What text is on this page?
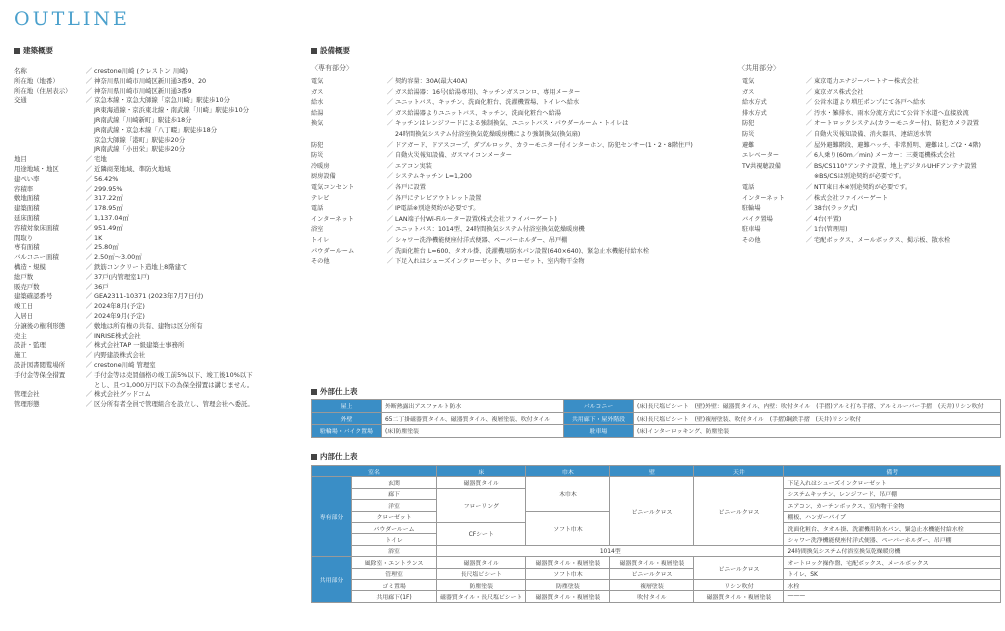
OUTLINE
建築概要
名称	／ crestone川崎 (クレストン 川崎)
所在地（地番）	／ 神奈川県川崎市川崎区新川通3番9、20
所在地（住居表示）	／ 神奈川県川崎市川崎区新川通3番9
交通	／ 京急本線・京急大師線「京急川崎」駅徒歩10分
JR東海道線・京浜東北線・南武線「川崎」駅徒歩10分
JR南武線「川崎新町」駅徒歩18分
JR南武線・京急本線「八丁畷」駅徒歩18分
京急大師線「港町」駅徒歩20分
JR南武線「小田栄」駅徒歩20分
地目	／ 宅地
用途地域・地区	／ 近隣商業地域、準防火地域
建ぺい率	／ 56.42%
容積率	／ 299.95%
敷地面積	／ 317.22㎡
建築面積	／ 178.95㎡
延床面積	／ 1,137.04㎡
容積対象床面積	／ 951.49㎡
間取り	／ 1K
専有面積	／ 25.80㎡
バルコニー面積	／ 2.50㎡〜3.00㎡
構造・規模	／ 鉄筋コンクリート造地上8階建て
総戸数	／ 37戸(内管理室1戸)
販売戸数	／ 36戸
建築確認番号	／ GEA2311-10371 (2023年7月7日付)
竣工日	／ 2024年8月(予定)
入居日	／ 2024年9月(予定)
分譲後の権利形態	／ 敷地は所有権の共有、建物は区分所有
売主	／ INRISE株式会社
設計・監理	／ 株式会社TAP 一級建築士事務所
施工	／ 内野建設株式会社
設計図書閲覧場所	／ crestone川崎 管理室
手付金等保全措置	／ 手付金等は売買価格の竣工前5%以下、竣工後10%以下
とし、且つ1,000万円以下の為保全措置は講じません。
管理会社	／ 株式会社グッドコム
管理形態	／ 区分所有者全員で管理組合を設立し、管理会社へ委託。
設備概要
〈専有部分〉
電気	／ 契約容量：30A(最大40A)
ガス	／ ガス給湯器：16号(給湯専用)、キッチンガスコンロ、専用メーター
給水	／ ユニットバス、キッチン、洗面化粧台、洗濯機置場、トイレへ給水
給湯	／ ガス給湯器よりユニットバス、キッチン、洗面化粧台へ給湯
換気	／ キッチンはレンジフードによる強制換気、ユニットバス・パウダールーム・トイレは
24時間換気システム付浴室換気乾燥暖房機により強制換気(換気扇)
防犯	／ ドアガード、ドアスコープ、ダブルロック、カラーモニター付インターホン、防犯センサー(1・2・8階住戸)
防災	／ 自動火災報知設備、ガスマイコンメーター
冷暖房	／ エアコン実装
厨房設備	／ システムキッチン L=1,200
電気コンセント	／ 各戸に設置
テレビ	／ 各戸にテレビアウトレット設置
電話	／ IP電話※別途契約が必要です。
インターネット	／ LAN端子付Wi-Fiルーター設置(株式会社ファイバーゲート)
浴室	／ ユニットバス：1014型、24時間換気システム付浴室換気乾燥暖房機
トイレ	／ シャワー洗浄機能便座付洋式便器、ペーパーホルダー、吊戸棚
パウダールーム	／ 洗面化粧台 L=600、タオル掛、洗濯機用防水パン設置(640×640)、緊急止水機能付給水栓
その他	／ 下足入れはシューズインクローゼット、クローゼット、室内物干金物
〈共用部分〉
電気	／ 東京電力エナジーパートナー株式会社
ガス	／ 東京ガス株式会社
給水方式	／ 公営水道より増圧ポンプにて各戸へ給水
排水方式	／ 汚水・雑排水、雨水分流方式にて公営下水道へ直接放流
防犯	／ オートロックシステム(カラーモニター付)、防犯カメラ設置
防災	／ 自動火災報知設備、消火器具、連結送水管
避難	／ 屋外避難階段、避難ハッチ、非常照明、避難はしご(2・4階)
エレベーター	／ 6人乗り(60m／min) メーカー：三菱電機株式会社
TV共視聴設備	／ BS/CS110°アンテナ設置、地上デジタルUHFアンテナ設置
※BS/CSは別途契約が必要です。
電話	／ NTT東日本※別途契約が必要です。
インターネット	／ 株式会社ファイバーゲート
駐輪場	／ 38台(ラック式)
バイク置場	／ 4台(平置)
駐車場	／ 1台(管理用)
その他	／ 宅配ボックス、メールボックス、掲示板、散水栓
外部仕上表
屋上	外断熱露出アスファルト防水	バルコニー	(床)長尺塩ビシート　(壁)外壁：磁器質タイル、内壁：吹付タイル　(手摺)アルミ打ち手摺、アルミルーバー手摺　(天井)リシン吹付
外壁	65二丁掛磁器質タイル、磁器質タイル、複層塗装、吹付タイル	共用廊下・屋外階段	(床)長尺塩ビシート　(壁)複層塗装、吹付タイル　(手摺)鋼鉄手摺　(天井)リシン吹付
駐輪場・バイク置場	(床)防塵塗装	駐車場	(床)インターロッキング、防塵塗装
内部仕上表
室名		床	巾木	壁	天井	備考
専有部分	玄関	磁器質タイル	木巾木	ビニールクロス	ビニールクロス	下足入れはシューズインクローゼット
	廊下	フローリング				システムキッチン、レンジフード、吊戸棚
	洋室					エアコン、カーテンボックス、室内物干金物
	クローゼット		ソフト巾木			棚板、ハンガーパイプ
	パウダールーム	CFシート				洗面化粧台、タオル掛、洗濯機用防水パン、緊急止水機能付給水栓
	トイレ					シャワー洗浄機能便座付洋式便器、ペーパーホルダー、吊戸棚
	浴室	1014型				24時間換気システム付浴室換気乾燥暖房機
共用部分	風除室・エントランス	磁器質タイル	磁器質タイル・複層塗装	磁器質タイル・複層塗装	ビニールクロス	オートロック操作盤、宅配ボックス、メールボックス
	管理室	長尺塩ビシート	ソフト巾木	ビニールクロス		トイレ、SK
	ゴミ置場	防塵塗装	防塵塗装	複層塗装	リシン吹付	水栓
	共用廊下(1F)	磁器質タイル・長尺塩ビシート	磁器質タイル・複層塗装	吹付タイル	磁器質タイル・複層塗装	———
